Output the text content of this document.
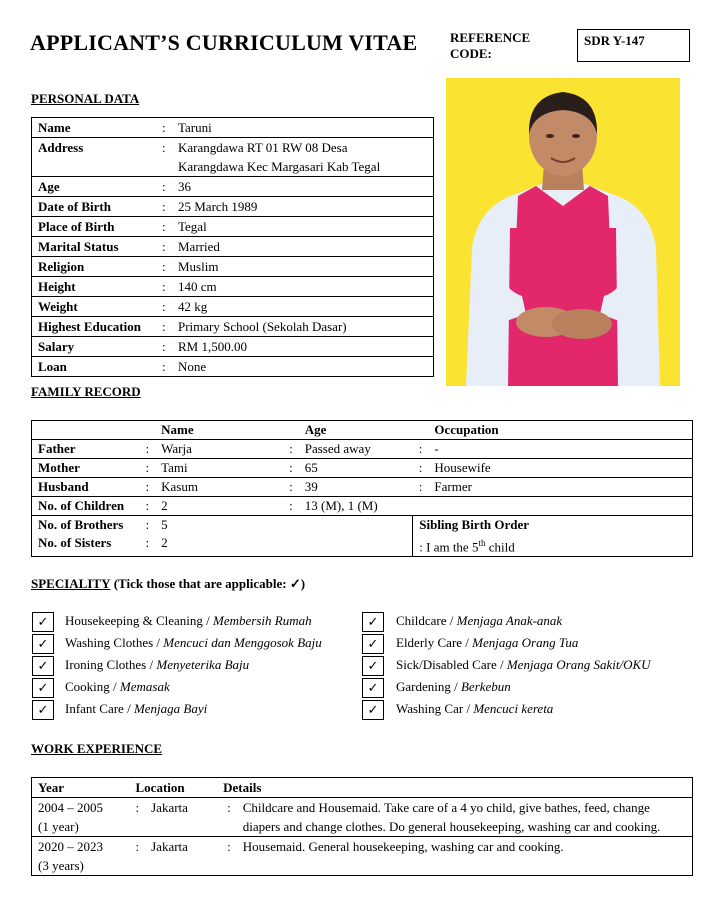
APPLICANT’S CURRICULUM VITAE	REFERENCE
CODE:
SDR Y-147
PERSONAL DATA
Name	:	Taruni
Address	:	Karangdawa RT 01 RW 08 Desa
Karangdawa Kec Margasari Kab Tegal

Age	:	36
Date of Birth	:	25 March 1989
Place of Birth	:	Tegal
Marital Status	:	Married
Religion	:	Muslim
Height	:	140 cm
Weight	:	42 kg
Highest Education	:	Primary School (Sekolah Dasar)
Salary	:	RM 1,500.00
Loan	:	None
FAMILY RECORD
		Name		Age		Occupation
Father	:	Warja	:	Passed away	:	-
Mother	:	Tami	:	65	:	Housewife
Husband	:	Kasum	:	39	:	Farmer
No. of Children	:	2	:	13 (M), 1 (M)		
No. of Brothers	:	5			Sibling Birth Order	
No. of Sisters	:	2			: I am the 5th child	
SPECIALITY (Tick those that are applicable: ✓)
✓	Housekeeping & Cleaning / Membersih Rumah
✓	Washing Clothes / Mencuci dan Menggosok Baju
✓	Ironing Clothes / Menyeterika Baju
✓	Cooking / Memasak
✓	Infant Care / Menjaga Bayi
✓	Childcare / Menjaga Anak-anak
✓	Elderly Care / Menjaga Orang Tua
✓	Sick/Disabled Care / Menjaga Orang Sakit/OKU
✓	Gardening / Berkebun
✓	Washing Car / Mencuci kereta
WORK EXPERIENCE
Year	Location		Details	

2004 – 2005
(1 year)	:	Jakarta	:	Childcare and Housemaid. Take care of a 4 yo child, give bathes, feed, change diapers and change clothes. Do general housekeeping, washing car and cooking.

2020 – 2023
(3 years)	:	Jakarta	:	Housemaid. General housekeeping, washing car and cooking.
